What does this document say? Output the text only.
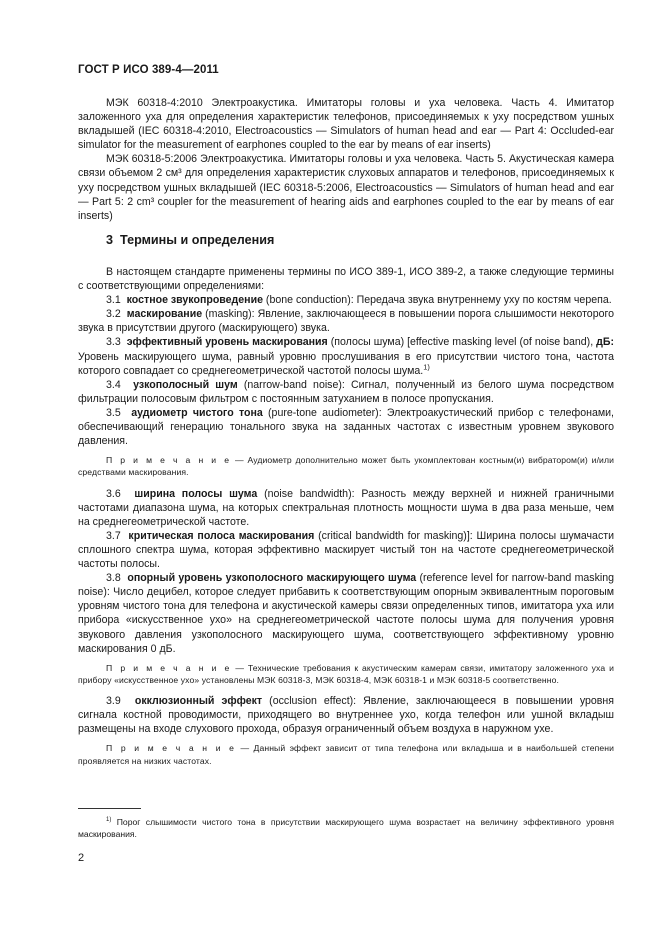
ГОСТ Р ИСО 389-4—2011

МЭК 60318-4:2010 Электроакустика. Имитаторы головы и уха человека. Часть 4. Имитатор заложенного уха для определения характеристик телефонов, присоединяемых к уху посредством ушных вкладышей (IEC 60318-4:2010, Electroacoustics — Simulators of human head and ear — Part 4: Occluded-ear simulator for the measurement of earphones coupled to the ear by means of ear inserts)

МЭК 60318-5:2006 Электроакустика. Имитаторы головы и уха человека. Часть 5. Акустическая камера связи объемом 2 см³ для определения характеристик слуховых аппаратов и телефонов, присоединяемых к уху посредством ушных вкладышей (IEC 60318-5:2006, Electroacoustics — Simulators of human head and ear — Part 5: 2 cm³ coupler for the measurement of hearing aids and earphones coupled to the ear by means of ear inserts)

3 Термины и определения

В настоящем стандарте применены термины по ИСО 389-1, ИСО 389-2, а также следующие термины с соответствующими определениями:

3.1 костное звукопроведение (bone conduction): Передача звука внутреннему уху по костям черепа.

3.2 маскирование (masking): Явление, заключающееся в повышении порога слышимости некоторого звука в присутствии другого (маскирующего) звука.

3.3 эффективный уровень маскирования (полосы шума) [effective masking level (of noise band), дБ: Уровень маскирующего шума, равный уровню прослушивания в его присутствии чистого тона, частота которого совпадает со среднегеометрической частотой полосы шума.$^{1)}$

3.4 узкополосный шум (narrow-band noise): Сигнал, полученный из белого шума посредством фильтрации полосовым фильтром с постоянным затуханием в полосе пропускания.

3.5 аудиометр чистого тона (pure-tone audiometer): Электроакустический прибор с телефонами, обеспечивающий генерацию тонального звука на заданных частотах с известным уровнем звукового давления.

П р и м е ч а н и е — Аудиометр дополнительно может быть укомплектован костным(и) вибратором(и) и/или средствами маскирования.

3.6 ширина полосы шума (noise bandwidth): Разность между верхней и нижней граничными частотами диапазона шума, на которых спектральная плотность мощности шума в два раза меньше, чем на среднегеометрической частоте.

3.7 критическая полоса маскирования (critical bandwidth for masking)]: Ширина полосы шумачасти сплошного спектра шума, которая эффективно маскирует чистый тон на частоте среднегеометрической частоты полосы.

3.8 опорный уровень узкополосного маскирующего шума (reference level for narrow-band masking noise): Число децибел, которое следует прибавить к соответствующим опорным эквивалентным пороговым уровням чистого тона для телефона и акустической камеры связи определенных типов, имитатора уха или прибора «искусственное ухо» на среднегеометрической частоте полосы шума для получения уровня звукового давления узкополосного маскирующего шума, соответствующего эффективному уровню маскирования 0 дБ.

П р и м е ч а н и е — Технические требования к акустическим камерам связи, имитатору заложенного уха и прибору «искусственное ухо» установлены МЭК 60318-3, МЭК 60318-4, МЭК 60318-1 и МЭК 60318-5 соответственно.

3.9 окклюзионный эффект (occlusion effect): Явление, заключающееся в повышении уровня сигнала костной проводимости, приходящего во внутреннее ухо, когда телефон или ушной вкладыш размещены на входе слухового прохода, образуя ограниченный объем воздуха в наружном ухе.

П р и м е ч а н и е — Данный эффект зависит от типа телефона или вкладыша и в наибольшей степени проявляется на низких частотах.

$^{1)}$ Порог слышимости чистого тона в присутствии маскирующего шума возрастает на величину эффективного уровня маскирования.
2
